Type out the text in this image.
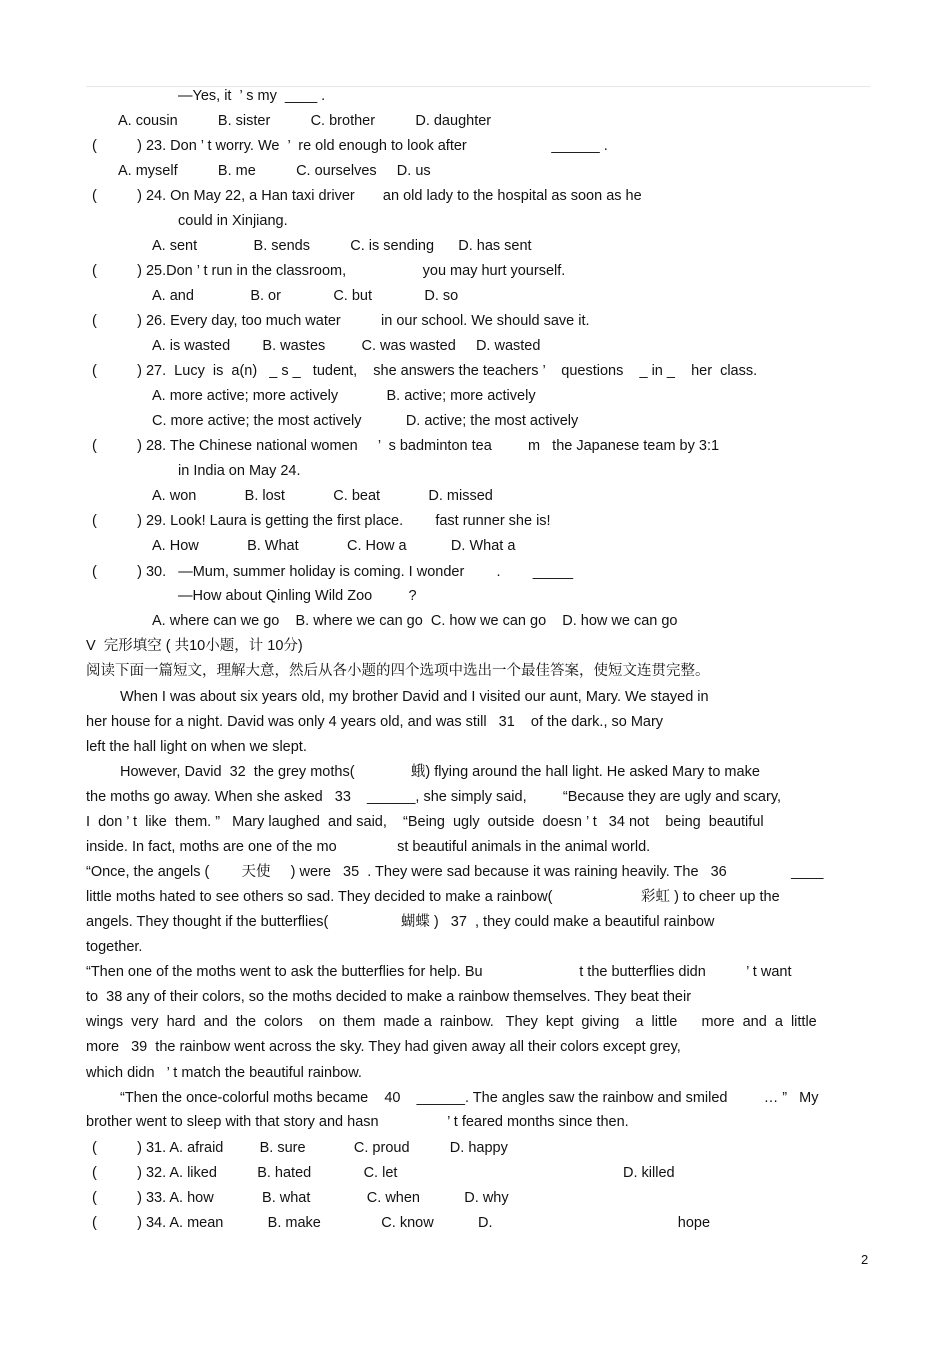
—Yes, it  ’ s my  ____ .
A. cousin          B. sister          C. brother          D. daughter
(          ) 23. Don ’ t worry. We  ’  re old enough to look after                     ______ .
A. myself          B. me          C. ourselves     D. us
(          ) 24. On May 22, a Han taxi driver       an old lady to the hospital as soon as he
could in Xinjiang.
A. sent              B. sends          C. is sending      D. has sent
(          ) 25.Don ’ t run in the classroom,                   you may hurt yourself.
A. and              B. or             C. but             D. so
(          ) 26. Every day, too much water          in our school. We should save it.
A. is wasted        B. wastes         C. was wasted     D. wasted
(          ) 27.  Lucy  is  a(n)   _ s _   tudent,    she answers the teachers ’    questions    _ in _    her  class.
A. more active; more actively            B. active; more actively
C. more active; the most actively           D. active; the most actively
(          ) 28. The Chinese national women     ’  s badminton tea         m   the Japanese team by 3:1
in India on May 24.
A. won            B. lost            C. beat            D. missed
(          ) 29. Look! Laura is getting the first place.        fast runner she is!
A. How            B. What            C. How a           D. What a
(          ) 30.   —Mum, summer holiday is coming. I wonder        .        _____
—How about Qinling Wild Zoo         ?
A. where can we go    B. where we can go  C. how we can go    D. how we can go
V  完形填空 ( 共10小题，计 10分)
阅读下面一篇短文，理解大意，然后从各小题的四个选项中选出一个最佳答案，使短文连贯完整。
When I was about six years old, my brother David and I visited our aunt, Mary. We stayed in
her house for a night. David was only 4 years old, and was still   31    of the dark., so Mary
left the hall light on when we slept.
However, David  32  the grey moths(              蛾) flying around the hall light. He asked Mary to make
the moths go away. When she asked   33    ______, she simply said,         “Because they are ugly and scary,
I  don ’ t  like  them. ”   Mary laughed  and said,    “Being  ugly  outside  doesn ’ t   34 not    being  beautiful
inside. In fact, moths are one of the mo               st beautiful animals in the animal world.
“Once, the angels (        天使     ) were   35  . They were sad because it was raining heavily. The   36                ____
little moths hated to see others so sad. They decided to make a rainbow(                      彩虹 ) to cheer up the
angels. They thought if the butterflies(                  蝴蝶 )   37  , they could make a beautiful rainbow
together.
“Then one of the moths went to ask the butterflies for help. Bu                        t the butterflies didn          ’ t want
to  38 any of their colors, so the moths decided to make a rainbow themselves. They beat their
wings  very  hard  and  the  colors    on  them  made a  rainbow.   They  kept  giving    a  little      more  and  a  little
more   39  the rainbow went across the sky. They had given away all their colors except grey,
which didn   ’ t match the beautiful rainbow.
“Then the once-colorful moths became    40    ______. The angles saw the rainbow and smiled         … ”   My
brother went to sleep with that story and hasn                 ’ t feared months since then.
(          ) 31. A. afraid         B. sure            C. proud          D. happy
(          ) 32. A. liked          B. hated             C. let                                                        D. killed
(          ) 33. A. how            B. what              C. when           D. why
(          ) 34. A. mean           B. make               C. know           D.                                              hope
2
